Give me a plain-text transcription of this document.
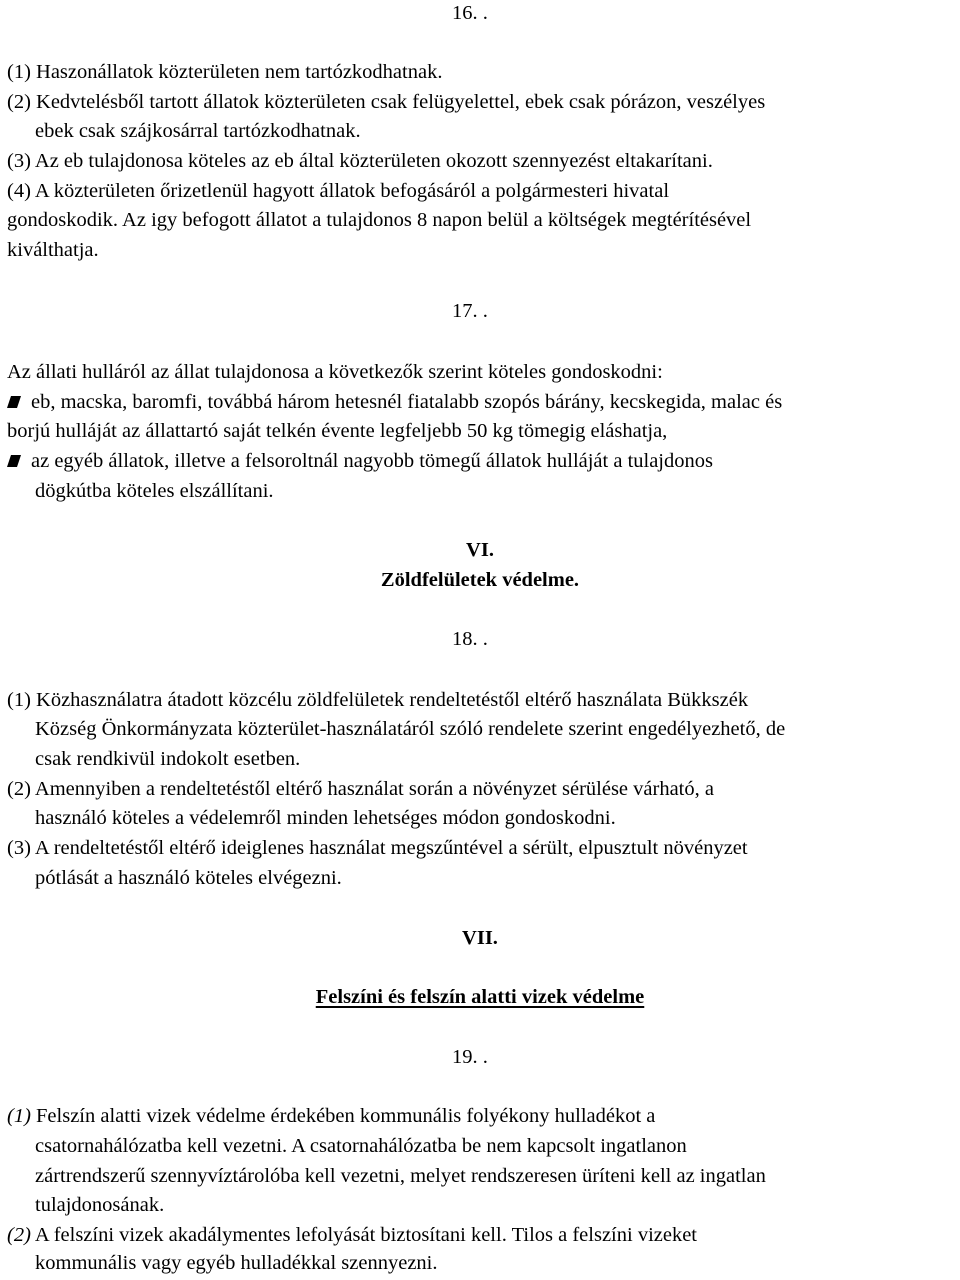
16. .
(1) Haszonállatok közterületen nem tartózkodhatnak.
(2) Kedvtelésből tartott állatok közterületen csak felügyelettel, ebek csak pórázon, veszélyes
ebek csak szájkosárral tartózkodhatnak.
(3) Az eb tulajdonosa köteles az eb által közterületen okozott szennyezést eltakarítani.
(4) A közterületen őrizetlenül hagyott állatok befogásáról a polgármesteri hivatal
gondoskodik. Az igy befogott állatot a tulajdonos 8 napon belül a költségek megtérítésével
kiválthatja.
17. .
Az állati hulláról az állat tulajdonosa a következők szerint köteles gondoskodni:
eb, macska, baromfi, továbbá három hetesnél fiatalabb szopós bárány, kecskegida, malac és
borjú hulláját az állattartó saját telkén évente legfeljebb 50 kg tömegig eláshatja,
az egyéb állatok, illetve a felsoroltnál nagyobb tömegű állatok hulláját a tulajdonos
dögkútba köteles elszállítani.
VI.
Zöldfelületek védelme.
18. .
(1) Közhasználatra átadott közcélu zöldfelületek rendeltetéstől eltérő használata Bükkszék
Község Önkormányzata közterület-használatáról szóló rendelete szerint engedélyezhető, de
csak rendkivül indokolt esetben.
(2) Amennyiben a rendeltetéstől eltérő használat során a növényzet sérülése várható, a
használó köteles a védelemről minden lehetséges módon gondoskodni.
(3) A rendeltetéstől eltérő ideiglenes használat megszűntével a sérült, elpusztult növényzet
pótlását a használó köteles elvégezni.
VII.
Felszíni és felszín alatti vizek védelme
19. .
(1) Felszín alatti vizek védelme érdekében kommunális folyékony hulladékot a
csatornahálózatba kell vezetni. A csatornahálózatba be nem kapcsolt ingatlanon
zártrendszerű szennyvíztárolóba kell vezetni, melyet rendszeresen üríteni kell az ingatlan
tulajdonosának.
(2) A felszíni vizek akadálymentes lefolyását biztosítani kell. Tilos a felszíni vizeket
kommunális vagy egyéb hulladékkal szennyezni.
